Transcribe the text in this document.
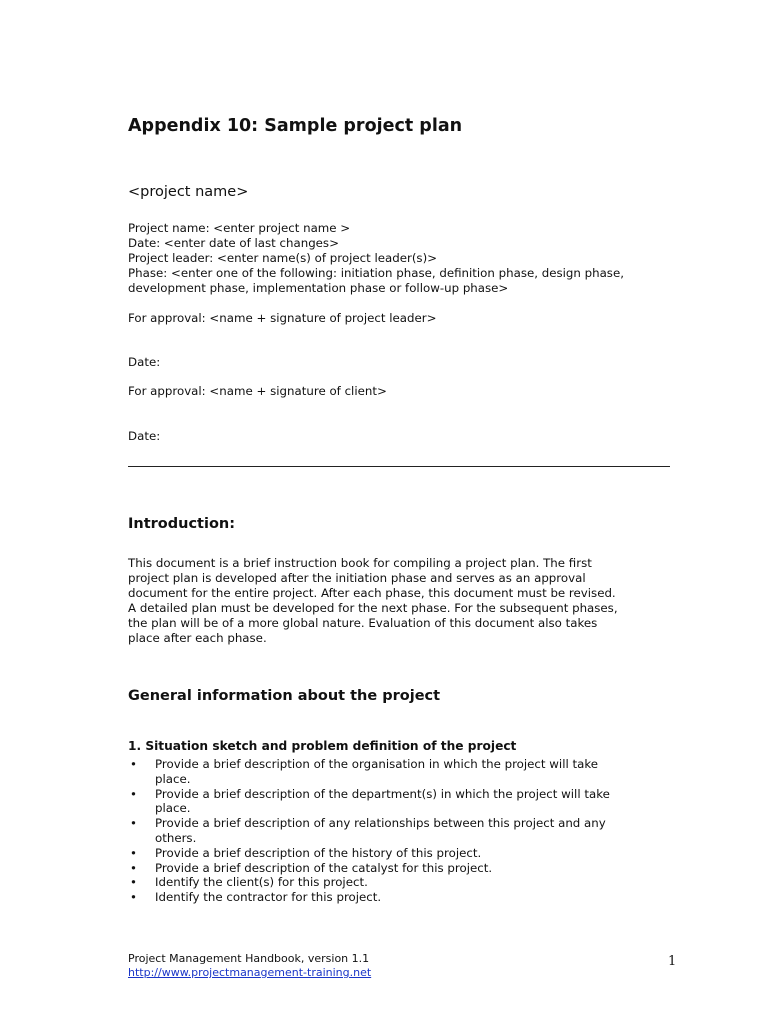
Appendix 10: Sample project plan
<project name>
Project name: <enter project name >
Date: <enter date of last changes>
Project leader: <enter name(s) of project leader(s)>
Phase: <enter one of the following: initiation phase, definition phase, design phase,
development phase, implementation phase or follow-up phase>
For approval: <name + signature of project leader>
Date:
For approval: <name + signature of client>
Date:
Introduction:
This document is a brief instruction book for compiling a project plan. The first
project plan is developed after the initiation phase and serves as an approval
document for the entire project. After each phase, this document must be revised.
A detailed plan must be developed for the next phase. For the subsequent phases,
the plan will be of a more global nature. Evaluation of this document also takes
place after each phase.
General information about the project
1. Situation sketch and problem definition of the project
• Provide a brief description of the organisation in which the project will take
place.
• Provide a brief description of the department(s) in which the project will take
place.
• Provide a brief description of any relationships between this project and any
others.
• Provide a brief description of the history of this project.
• Provide a brief description of the catalyst for this project.
• Identify the client(s) for this project.
• Identify the contractor for this project.
Project Management Handbook, version 1.1
http://www.projectmanagement-training.net
1
